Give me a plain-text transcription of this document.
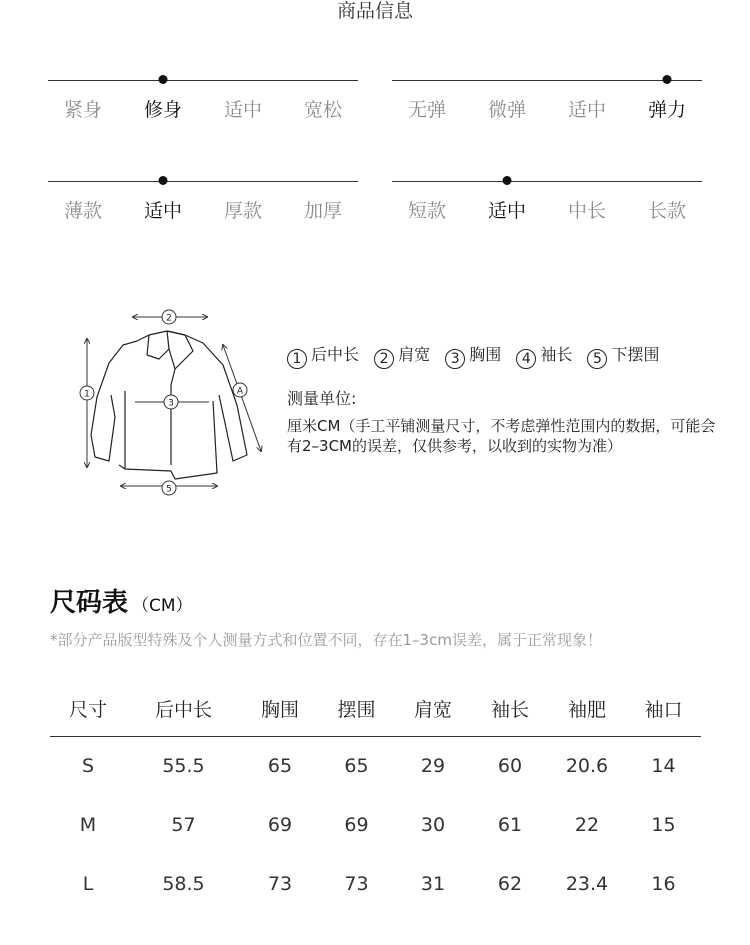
商品信息
紧身	修身	适中	宽松	无弹	微弹	适中	弹力
薄款	适中	厚款	加厚	短款	适中	中长	长款
1
2
3
A
5
1 后中长 2 肩宽 3 胸围 4 袖长 5 下摆围
测量单位:
厘米CM（手工平铺测量尺寸，不考虑弹性范围内的数据，可能会有2–3CM的误差，仅供参考，以收到的实物为准）
尺码表 （CM）
*部分产品版型特殊及个人测量方式和位置不同，存在1–3cm误差，属于正常现象！
尺寸	后中长	胸围	摆围	肩宽	袖长	袖肥	袖口
S	55.5	65	65	29	60	20.6	14
M	57	69	69	30	61	22	15
L	58.5	73	73	31	62	23.4	16
